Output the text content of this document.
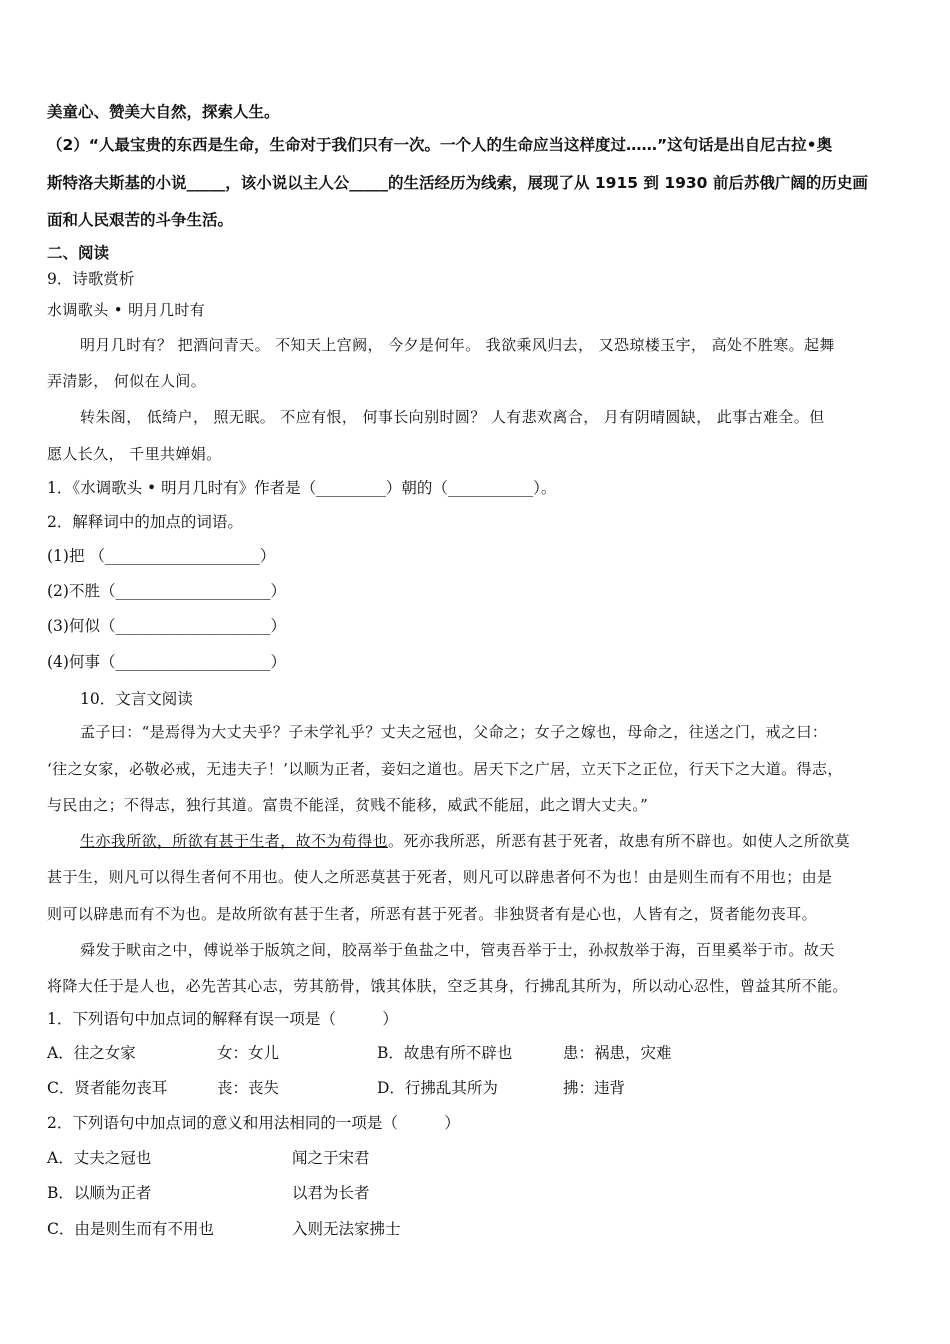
美童心、赞美大自然，探索人生。
（2）“人最宝贵的东西是生命，生命对于我们只有一次。一个人的生命应当这样度过……”这句话是出自尼古拉•奥
斯特洛夫斯基的小说_____，该小说以主人公_____的生活经历为线索，展现了从 1915 到 1930 前后苏俄广阔的历史画
面和人民艰苦的斗争生活。
二、阅读
9．诗歌赏析
水调歌头 • 明月几时有
明月几时有？ 把酒问青天。 不知天上宫阙， 今夕是何年。 我欲乘风归去， 又恐琼楼玉宇， 高处不胜寒。起舞
弄清影， 何似在人间。
转朱阁， 低绮户， 照无眠。 不应有恨， 何事长向别时圆？ 人有悲欢离合， 月有阴晴圆缺， 此事古难全。但
愿人长久， 千里共婵娟。
1．《水调歌头 • 明月几时有》作者是（_________）朝的（___________）。
2．解释词中的加点的词语。
(1)把 （____________________）
(2)不胜（____________________）
(3)何似（____________________）
(4)何事（____________________）
10．文言文阅读
孟子曰：“是焉得为大丈夫乎？子未学礼乎？丈夫之冠也，父命之；女子之嫁也，母命之，往送之门，戒之曰：
‘往之女家，必敬必戒，无违夫子！’以顺为正者，妾妇之道也。居天下之广居，立天下之正位，行天下之大道。得志，
与民由之；不得志，独行其道。富贵不能淫，贫贱不能移，威武不能屈，此之谓大丈夫。”
生亦我所欲，所欲有甚于生者，故不为苟得也。死亦我所恶，所恶有甚于死者，故患有所不辟也。如使人之所欲莫
甚于生，则凡可以得生者何不用也。使人之所恶莫甚于死者，则凡可以辟患者何不为也！由是则生而有不用也；由是
则可以辟患而有不为也。是故所欲有甚于生者，所恶有甚于死者。非独贤者有是心也，人皆有之，贤者能勿丧耳。
舜发于畎亩之中，傅说举于版筑之间，胶鬲举于鱼盐之中，管夷吾举于士，孙叔敖举于海，百里奚举于市。故天
将降大任于是人也，必先苦其心志，劳其筋骨，饿其体肤，空乏其身，行拂乱其所为，所以动心忍性，曾益其所不能。
1．下列语句中加点词的解释有误一项是（　　　）
A．往之女家	女：女儿	B．故患有所不辟也	患：祸患，灾难
C．贤者能勿丧耳	丧：丧失	D．行拂乱其所为	拂：违背
2．下列语句中加点词的意义和用法相同的一项是（　　　）
A．丈夫之冠也	闻之于宋君
B．以顺为正者	以君为长者
C．由是则生而有不用也	入则无法家拂士
